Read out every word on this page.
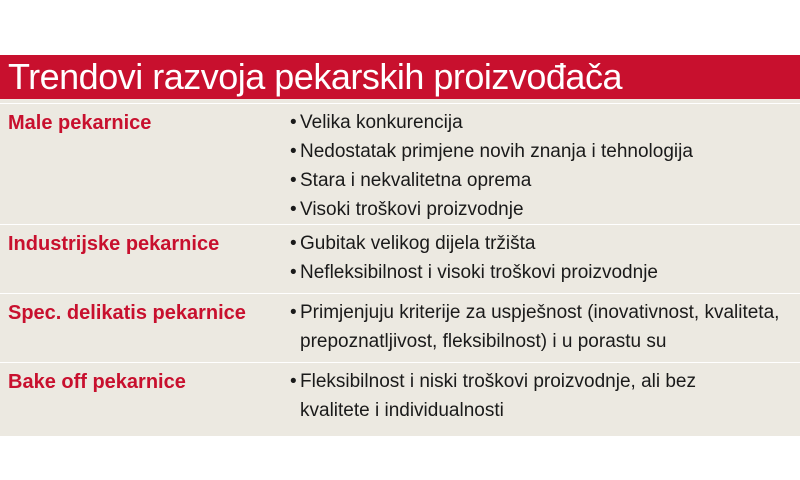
Trendovi razvoja pekarskih proizvođača
Male pekarnice	• Velika konkurencija
• Nedostatak primjene novih znanja i tehnologija
• Stara i nekvalitetna oprema
• Visoki troškovi proizvodnje
Industrijske pekarnice	• Gubitak velikog dijela tržišta
• Nefleksibilnost i visoki troškovi proizvodnje
Spec. delikatis pekarnice • Primjenjuju kriterije za uspješnost (inovativnost, kvaliteta, prepoznatljivost, fleksibilnost) i u porastu su
Bake off pekarnice	• Fleksibilnost i niski troškovi proizvodnje, ali bez kvalitete i individualnosti
